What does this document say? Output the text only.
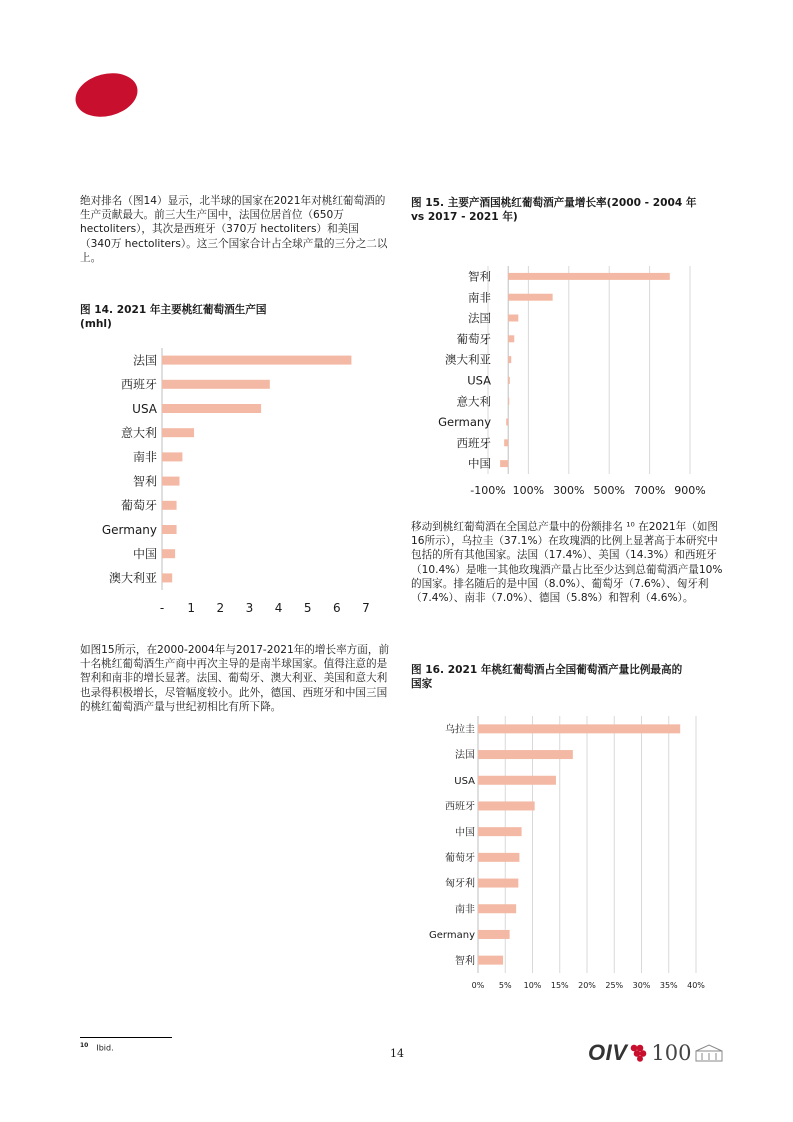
绝对排名（图14）显示，北半球的国家在2021年对桃红葡萄酒的生产贡献最大。前三大生产国中，法国位居首位（650万 hectoliters），其次是西班牙（370万 hectoliters）和美国（340万 hectoliters）。这三个国家合计占全球产量的三分之二以上。

图 14. 2021 年主要桃红葡萄酒生产国(mhl)

法国
西班牙
USA
意大利
南非
智利
葡萄牙
Germany
中国
澳大利亚
- 1 2 3 4 5 6 7

如图15所示，在2000-2004年与2017-2021年的增长率方面，前十名桃红葡萄酒生产商中再次主导的是南半球国家。值得注意的是智利和南非的增长显著。法国、葡萄牙、澳大利亚、美国和意大利也录得积极增长，尽管幅度较小。此外，德国、西班牙和中国三国的桃红葡萄酒产量与世纪初相比有所下降。

图 15. 主要产酒国桃红葡萄酒产量增长率(2000 - 2004 年 vs 2017 - 2021 年)

智利
南非
法国
葡萄牙
澳大利亚
USA
意大利
Germany
西班牙
中国
-100% 100% 300% 500% 700% 900%

移动到桃红葡萄酒在全国总产量中的份额排名 ¹⁰ 在2021年（如图16所示），乌拉圭（37.1%）在玫瑰酒的比例上显著高于本研究中包括的所有其他国家。法国（17.4%）、美国（14.3%）和西班牙（10.4%）是唯一其他玫瑰酒产量占比至少达到总葡萄酒产量10%的国家。排名随后的是中国（8.0%）、葡萄牙（7.6%）、匈牙利（7.4%）、南非（7.0%）、德国（5.8%）和智利（4.6%）。

图 16. 2021 年桃红葡萄酒占全国葡萄酒产量比例最高的国家

乌拉圭
法国
USA
西班牙
中国
葡萄牙
匈牙利
南非
Germany
智利
0% 5% 10% 15% 20% 25% 30% 35% 40%
$^{10}$ Ibid.	14	OIV 100
